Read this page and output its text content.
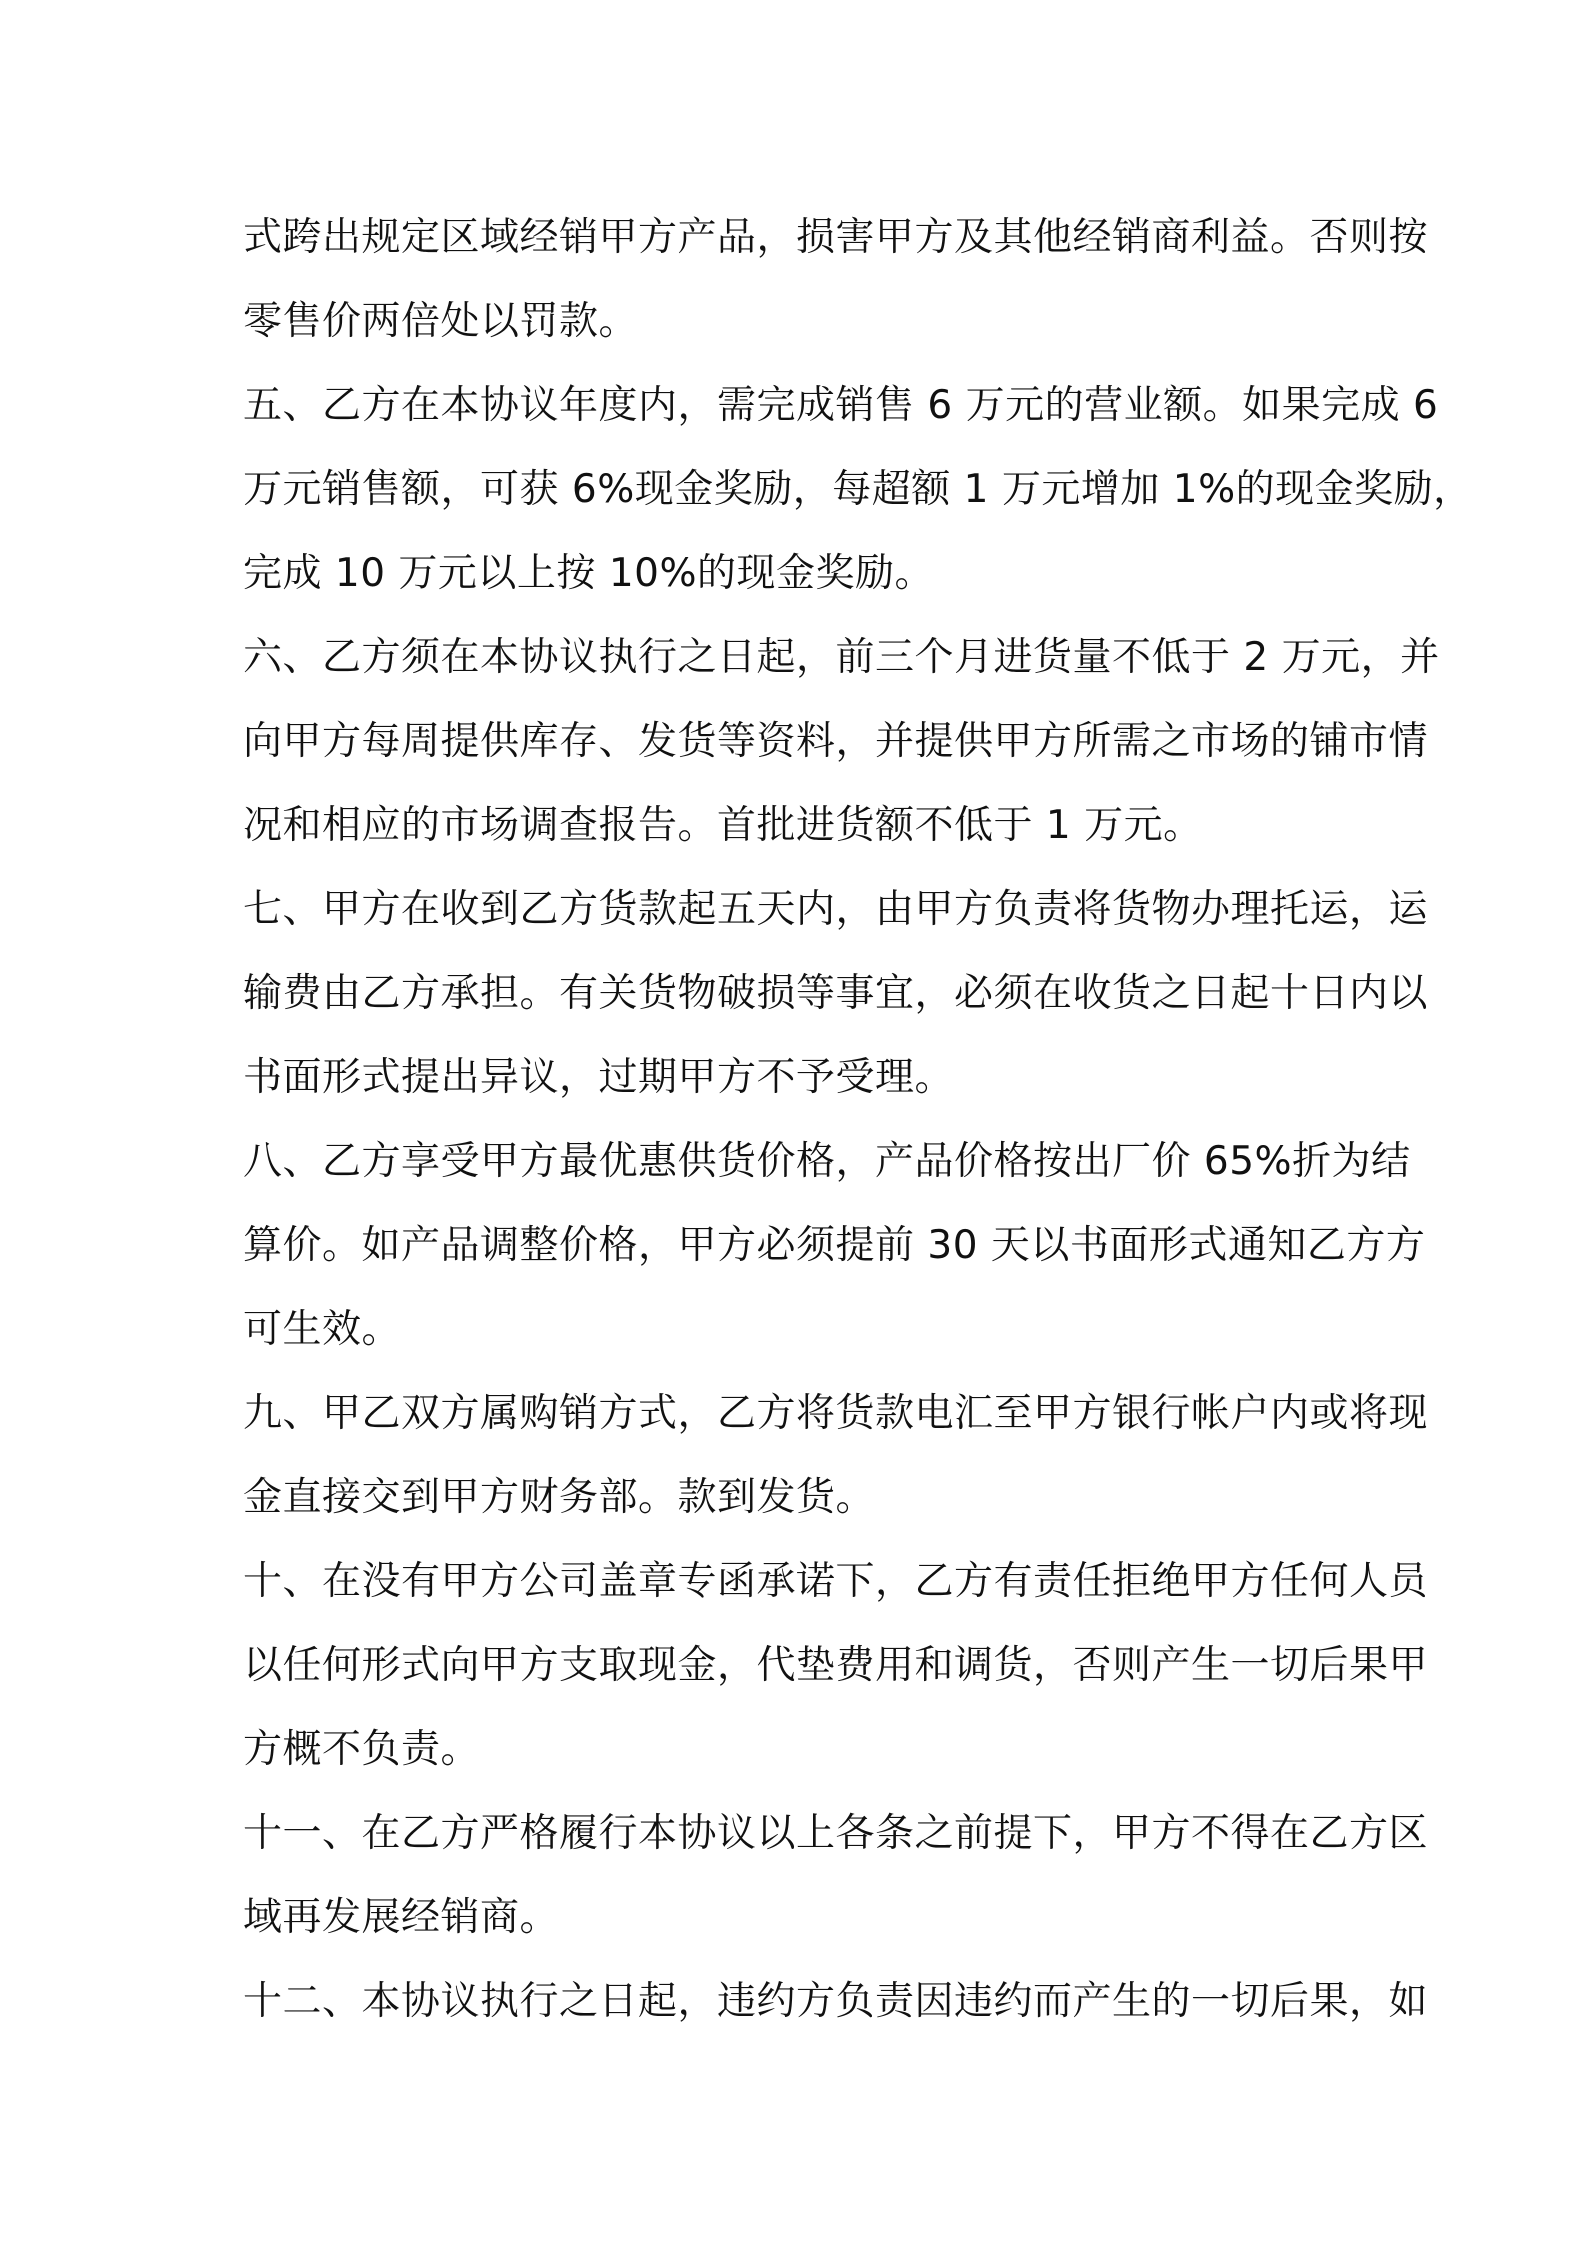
式跨出规定区域经销甲方产品，损害甲方及其他经销商利益。否则按
零售价两倍处以罚款。
五、乙方在本协议年度内，需完成销售 6 万元的营业额。如果完成 6
万元销售额，可获 6%现金奖励，每超额 1 万元增加 1%的现金奖励，
完成 10 万元以上按 10%的现金奖励。
六、乙方须在本协议执行之日起，前三个月进货量不低于 2 万元，并
向甲方每周提供库存、发货等资料，并提供甲方所需之市场的铺市情
况和相应的市场调查报告。首批进货额不低于 1 万元。
七、甲方在收到乙方货款起五天内，由甲方负责将货物办理托运，运
输费由乙方承担。有关货物破损等事宜，必须在收货之日起十日内以
书面形式提出异议，过期甲方不予受理。
八、乙方享受甲方最优惠供货价格，产品价格按出厂价 65%折为结
算价。如产品调整价格，甲方必须提前 30 天以书面形式通知乙方方
可生效。
九、甲乙双方属购销方式，乙方将货款电汇至甲方银行帐户内或将现
金直接交到甲方财务部。款到发货。
十、在没有甲方公司盖章专函承诺下，乙方有责任拒绝甲方任何人员
以任何形式向甲方支取现金，代垫费用和调货，否则产生一切后果甲
方概不负责。
十一、在乙方严格履行本协议以上各条之前提下，甲方不得在乙方区
域再发展经销商。
十二、本协议执行之日起，违约方负责因违约而产生的一切后果，如
